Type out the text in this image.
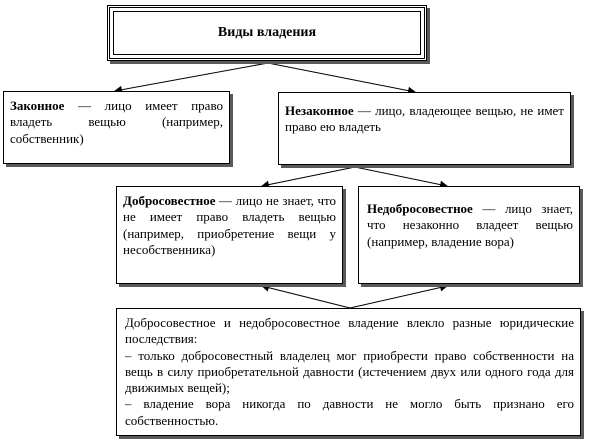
Виды владения
Законное — лицо имеет право владеть вещью (например, собственник)
Незаконное — лицо, владеющее вещью, не имет право ею владеть
Добросовестное — лицо не знает, что не имеет право владеть вещью (например, приобретение вещи у несобственника)
Недобросовестное — лицо знает, что незаконно владеет вещью (например, владение вора)
Добросовестное и недобросовестное владение влекло разные юридические последствия:
– только добросовестный владелец мог приобрести право собственности на вещь в силу приобретательной давности (истечением двух или одного года для движимых вещей);
– владение вора никогда по давности не могло быть признано его собственностью.
